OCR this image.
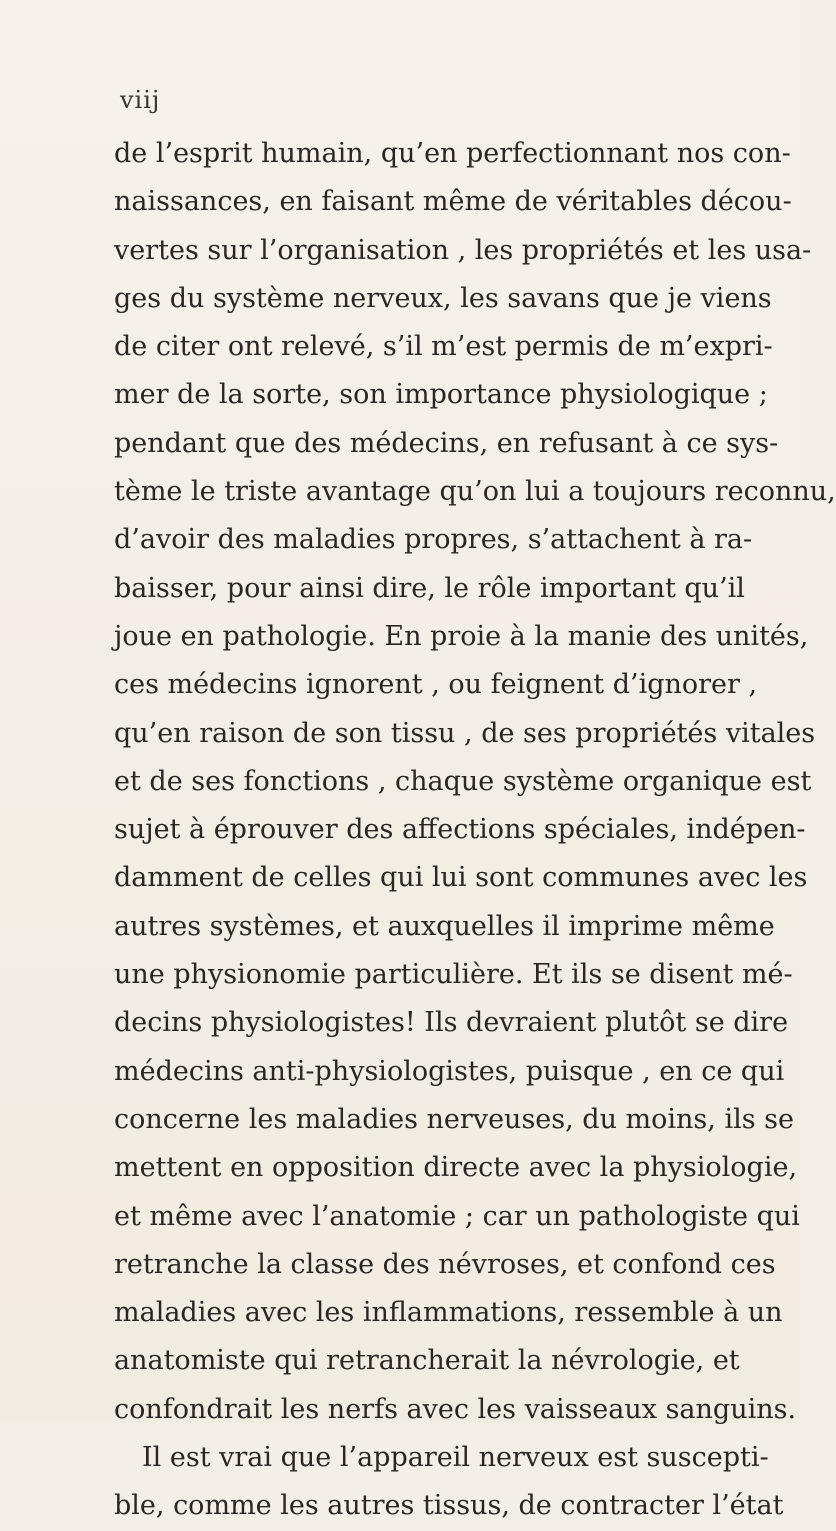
viij
de l’esprit humain, qu’en perfectionnant nos con-
naissances, en faisant même de véritables décou-
vertes sur l’organisation , les propriétés et les usa-
ges du système nerveux, les savans que je viens
de citer ont relevé, s’il m’est permis de m’expri-
mer de la sorte, son importance physiologique ;
pendant que des médecins, en refusant à ce sys-
tème le triste avantage qu’on lui a toujours reconnu,
d’avoir des maladies propres, s’attachent à ra-
baisser, pour ainsi dire, le rôle important qu’il
joue en pathologie. En proie à la manie des unités,
ces médecins ignorent , ou feignent d’ignorer ,
qu’en raison de son tissu , de ses propriétés vitales
et de ses fonctions , chaque système organique est
sujet à éprouver des affections spéciales, indépen-
damment de celles qui lui sont communes avec les
autres systèmes, et auxquelles il imprime même
une physionomie particulière. Et ils se disent mé-
decins physiologistes! Ils devraient plutôt se dire
médecins anti-physiologistes, puisque , en ce qui
concerne les maladies nerveuses, du moins, ils se
mettent en opposition directe avec la physiologie,
et même avec l’anatomie ; car un pathologiste qui
retranche la classe des névroses, et confond ces
maladies avec les inflammations, ressemble à un
anatomiste qui retrancherait la névrologie, et
confondrait les nerfs avec les vaisseaux sanguins.
Il est vrai que l’appareil nerveux est suscepti-
ble, comme les autres tissus, de contracter l’état
